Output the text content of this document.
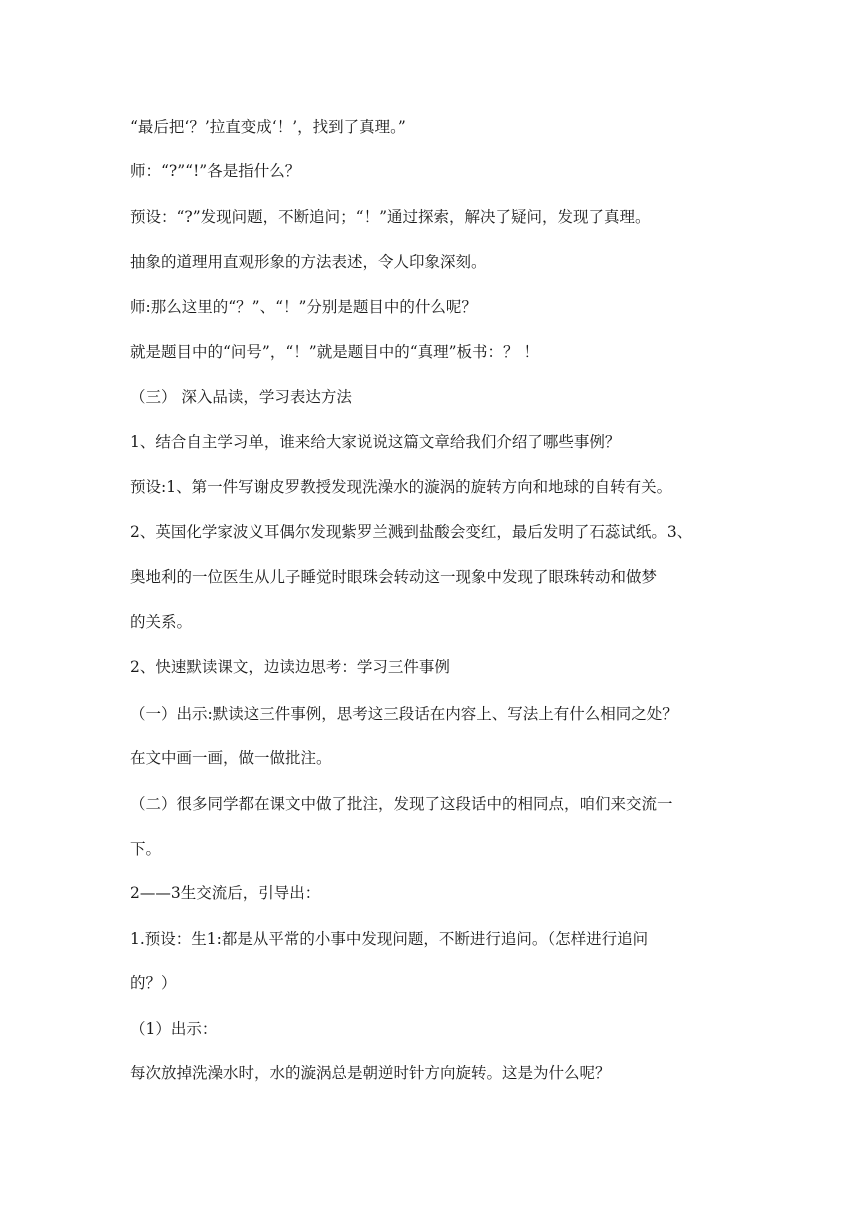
“最后把‘？’拉直变成‘！’，找到了真理。”

师：“?”“!”各是指什么？

预设：“?”发现问题，不断追问；“！”通过探索，解决了疑问，发现了真理。

抽象的道理用直观形象的方法表述，令人印象深刻。

师:那么这里的“？”、“！”分别是题目中的什么呢？

就是题目中的“问号”，“！”就是题目中的“真理”板书：？ ！

（三） 深入品读，学习表达方法

1、结合自主学习单，谁来给大家说说这篇文章给我们介绍了哪些事例？

预设:1、第一件写谢皮罗教授发现洗澡水的漩涡的旋转方向和地球的自转有关。

2、英国化学家波义耳偶尔发现紫罗兰溅到盐酸会变红，最后发明了石蕊试纸。3、

奥地利的一位医生从儿子睡觉时眼珠会转动这一现象中发现了眼珠转动和做梦

的关系。

2、快速默读课文，边读边思考：学习三件事例

（一）出示:默读这三件事例，思考这三段话在内容上、写法上有什么相同之处？

在文中画一画，做一做批注。

（二）很多同学都在课文中做了批注，发现了这段话中的相同点，咱们来交流一

下。

2——3生交流后，引导出：

1.预设：生1:都是从平常的小事中发现问题，不断进行追问。（怎样进行追问

的？）

（1）出示：

每次放掉洗澡水时，水的漩涡总是朝逆时针方向旋转。这是为什么呢？
